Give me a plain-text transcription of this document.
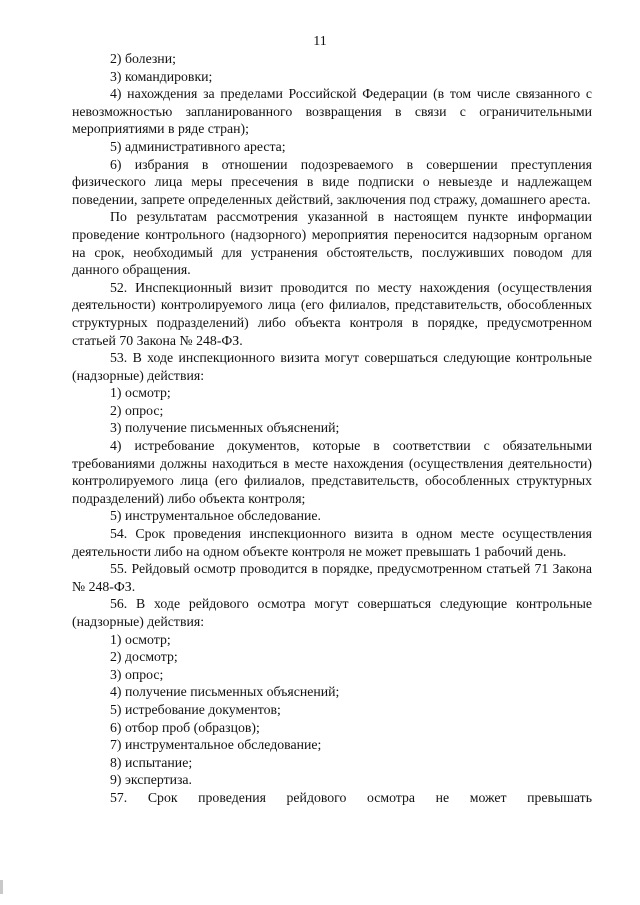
11

2) болезни;

3) командировки;

4) нахождения за пределами Российской Федерации (в том числе связанного с невозможностью запланированного возвращения в связи с ограничительными мероприятиями в ряде стран);

5) административного ареста;

6) избрания в отношении подозреваемого в совершении преступления физического лица меры пресечения в виде подписки о невыезде и надлежащем поведении, запрете определенных действий, заключения под стражу, домашнего ареста.

По результатам рассмотрения указанной в настоящем пункте информации проведение контрольного (надзорного) мероприятия переносится надзорным органом на срок, необходимый для устранения обстоятельств, послуживших поводом для данного обращения.

52. Инспекционный визит проводится по месту нахождения (осуществления деятельности) контролируемого лица (его филиалов, представительств, обособленных структурных подразделений) либо объекта контроля в порядке, предусмотренном статьей 70 Закона № 248-ФЗ.

53. В ходе инспекционного визита могут совершаться следующие контрольные (надзорные) действия:

1) осмотр;

2) опрос;

3) получение письменных объяснений;

4) истребование документов, которые в соответствии с обязательными требованиями должны находиться в месте нахождения (осуществления деятельности) контролируемого лица (его филиалов, представительств, обособленных структурных подразделений) либо объекта контроля;

5) инструментальное обследование.

54. Срок проведения инспекционного визита в одном месте осуществления деятельности либо на одном объекте контроля не может превышать 1 рабочий день.

55. Рейдовый осмотр проводится в порядке, предусмотренном статьей 71 Закона № 248-ФЗ.

56. В ходе рейдового осмотра могут совершаться следующие контрольные (надзорные) действия:

1) осмотр;

2) досмотр;

3) опрос;

4) получение письменных объяснений;

5) истребование документов;

6) отбор проб (образцов);

7) инструментальное обследование;

8) испытание;

9) экспертиза.

57. Срок проведения рейдового осмотра не может превышать
